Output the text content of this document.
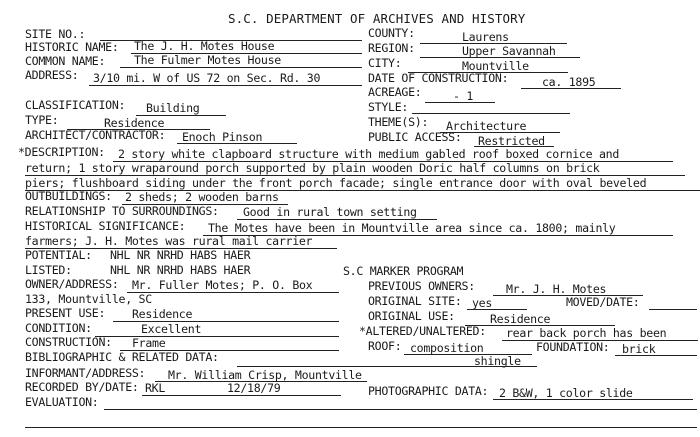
S.C. DEPARTMENT OF ARCHIVES AND HISTORY
SITE NO.:	COUNTY:	Laurens
HISTORIC NAME: The J. H. Motes House	REGION:	Upper Savannah
COMMON NAME: The Fulmer Motes House	CITY:	Mountville
ADDRESS: 3/10 mi. W of US 72 on Sec. Rd. 30	DATE OF CONSTRUCTION:	ca. 1895
ACREAGE:	- 1
CLASSIFICATION: Building	STYLE:
TYPE:	Residence	THEME(S): Architecture
ARCHITECT/CONTRACTOR: Enoch Pinson	PUBLIC ACCESS: Restricted
*DESCRIPTION: 2 story white clapboard structure with medium gabled roof boxed cornice and
return; 1 story wraparound porch supported by plain wooden Doric half columns on brick
piers; flushboard siding under the front porch facade; single entrance door with oval beveled
OUTBUILDINGS: 2 sheds; 2 wooden barns
RELATIONSHIP TO SURROUNDINGS: Good in rural town setting
HISTORICAL SIGNIFICANCE: The Motes have been in Mountville area since ca. 1800; mainly
farmers; J. H. Motes was rural mail carrier
POTENTIAL: NHL NR NRHD HABS HAER
LISTED:	NHL NR NRHD HABS HAER	S.C MARKER PROGRAM
OWNER/ADDRESS: Mr. Fuller Motes; P. O. Box
133, Mountville, SC
PREVIOUS OWNERS:	Mr. J. H. Motes
ORIGINAL SITE: yes	MOVED/DATE:
PRESENT USE: Residence	ORIGINAL USE:	Residence
CONDITION:	Excellent	*ALTERED/UNALTERED: rear back porch has been
CONSTRUCTION: Frame	ROOF: composition	FOUNDATION: brick
shingle
BIBLIOGRAPHIC & RELATED DATA:
INFORMANT/ADDRESS: Mr. William Crisp, Mountville
RECORDED BY/DATE: RKL	12/18/79	PHOTOGRAPHIC DATA: 2 B&W, 1 color slide
EVALUATION:
